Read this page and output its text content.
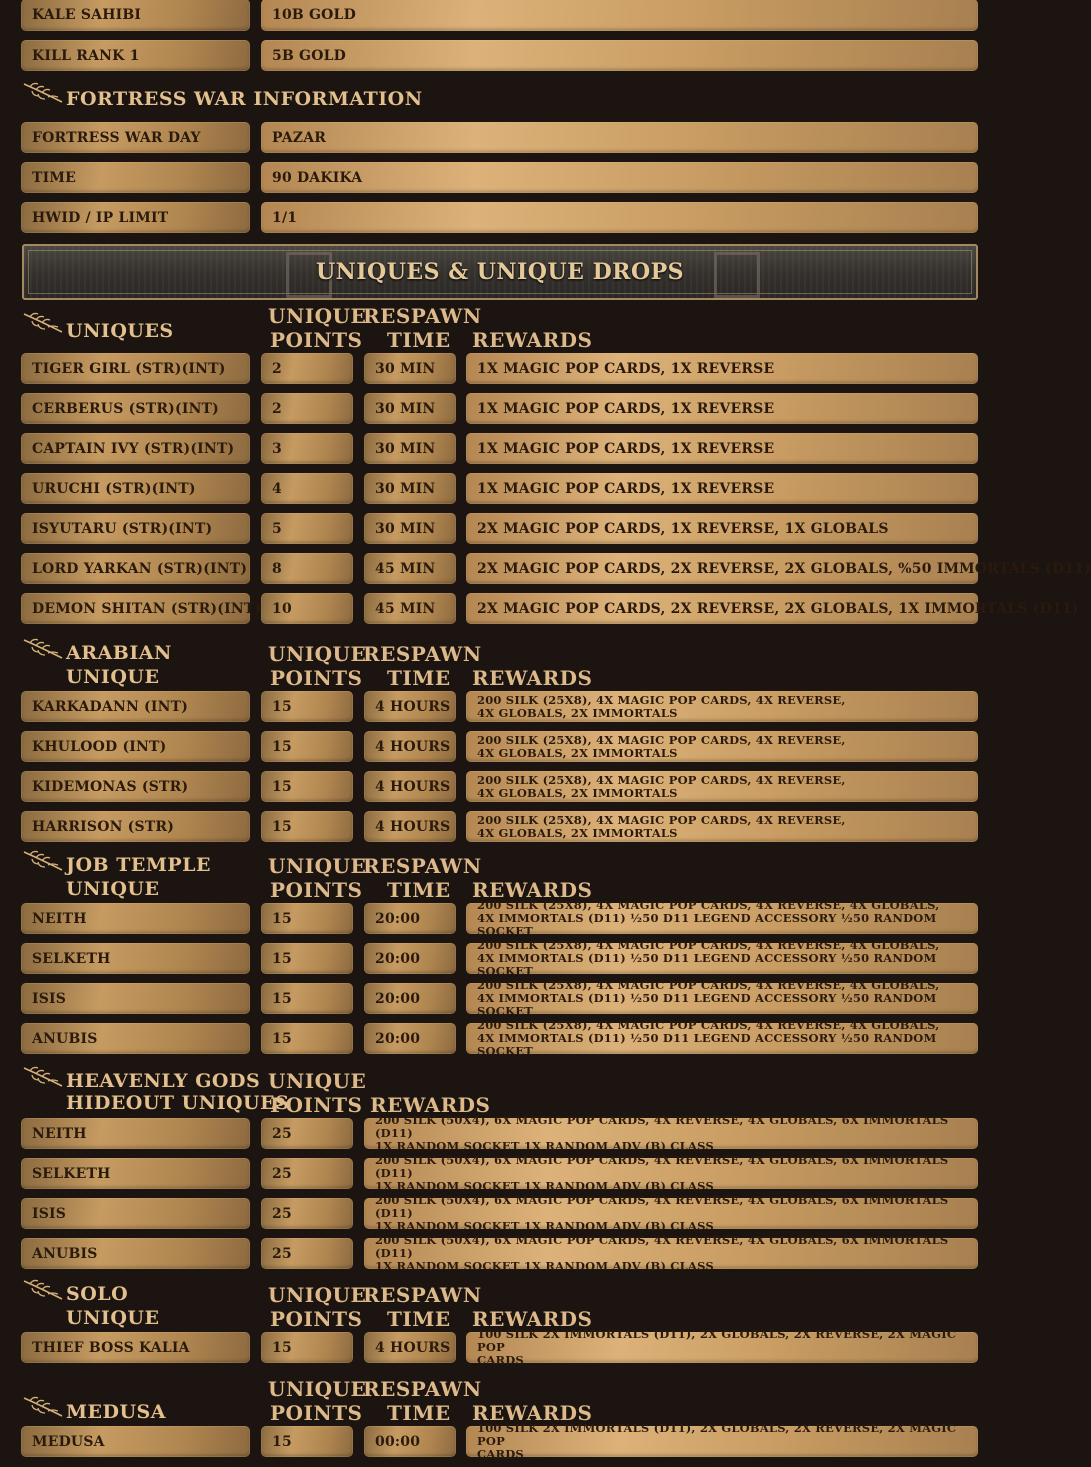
KALE SAHIBI	10B GOLD
KILL RANK 1	5B GOLD
FORTRESS WAR INFORMATION
FORTRESS WAR DAY	PAZAR
TIME	90 DAKIKA
HWID / IP LIMIT	1/1
UNIQUES & UNIQUE DROPS
UNIQUES
UNIQUE
POINTS
RESPAWN
TIME REWARDS
TIGER GIRL (STR)(INT)	2	30 MIN	1X MAGIC POP CARDS, 1X REVERSE
CERBERUS (STR)(INT)	2	30 MIN	1X MAGIC POP CARDS, 1X REVERSE
CAPTAIN IVY (STR)(INT)	3	30 MIN	1X MAGIC POP CARDS, 1X REVERSE
URUCHI (STR)(INT)	4	30 MIN	1X MAGIC POP CARDS, 1X REVERSE
ISYUTARU (STR)(INT)	5	30 MIN	2X MAGIC POP CARDS, 1X REVERSE, 1X GLOBALS
LORD YARKAN (STR)(INT)	8	45 MIN	2X MAGIC POP CARDS, 2X REVERSE, 2X GLOBALS, %50 IMMORTALS (D11)
DEMON SHITAN (STR)(INT) 10	45 MIN	2X MAGIC POP CARDS, 2X REVERSE, 2X GLOBALS, 1X IMMORTALS (D11)
ARABIAN
UNIQUE
UNIQUE
POINTS
RESPAWN
TIME REWARDS
KARKADANN (INT)	15	4 HOURS	200 SILK (25X8), 4X MAGIC POP CARDS, 4X REVERSE,
4X GLOBALS, 2X IMMORTALS
KHULOOD (INT)	15	4 HOURS	200 SILK (25X8), 4X MAGIC POP CARDS, 4X REVERSE,
4X GLOBALS, 2X IMMORTALS
KIDEMONAS (STR)	15	4 HOURS	200 SILK (25X8), 4X MAGIC POP CARDS, 4X REVERSE,
4X GLOBALS, 2X IMMORTALS
HARRISON (STR)	15	4 HOURS	200 SILK (25X8), 4X MAGIC POP CARDS, 4X REVERSE,
4X GLOBALS, 2X IMMORTALS
JOB TEMPLE
UNIQUE
UNIQUE
POINTS
RESPAWN
TIME REWARDS
NEITH	15	20:00
200 SILK (25X8), 4X MAGIC POP CARDS, 4X REVERSE, 4X GLOBALS,
4X IMMORTALS (D11) ½50 D11 LEGEND ACCESSORY ½50 RANDOM SOCKET
SELKETH	15	20:00
200 SILK (25X8), 4X MAGIC POP CARDS, 4X REVERSE, 4X GLOBALS,
4X IMMORTALS (D11) ½50 D11 LEGEND ACCESSORY ½50 RANDOM SOCKET
ISIS	15	20:00
200 SILK (25X8), 4X MAGIC POP CARDS, 4X REVERSE, 4X GLOBALS,
4X IMMORTALS (D11) ½50 D11 LEGEND ACCESSORY ½50 RANDOM SOCKET
ANUBIS	15	20:00
200 SILK (25X8), 4X MAGIC POP CARDS, 4X REVERSE, 4X GLOBALS,
4X IMMORTALS (D11) ½50 D11 LEGEND ACCESSORY ½50 RANDOM SOCKET
HEAVENLY GODS
HIDEOUT UNIQUES
UNIQUE
POINTS REWARDS
NEITH	25
200 SILK (50X4), 6X MAGIC POP CARDS, 4X REVERSE, 4X GLOBALS, 6X IMMORTALS (D11)
1X RANDOM SOCKET 1X RANDOM ADV (B) CLASS
SELKETH	25
200 SILK (50X4), 6X MAGIC POP CARDS, 4X REVERSE, 4X GLOBALS, 6X IMMORTALS (D11)
1X RANDOM SOCKET 1X RANDOM ADV (B) CLASS
ISIS	25
200 SILK (50X4), 6X MAGIC POP CARDS, 4X REVERSE, 4X GLOBALS, 6X IMMORTALS (D11)
1X RANDOM SOCKET 1X RANDOM ADV (B) CLASS
ANUBIS	25
200 SILK (50X4), 6X MAGIC POP CARDS, 4X REVERSE, 4X GLOBALS, 6X IMMORTALS (D11)
1X RANDOM SOCKET 1X RANDOM ADV (B) CLASS
SOLO
UNIQUE
UNIQUE
POINTS
RESPAWN
TIME REWARDS
THIEF BOSS KALIA	15	4 HOURS
100 SILK 2X IMMORTALS (D11), 2X GLOBALS, 2X REVERSE, 2X MAGIC POP
CARDS
MEDUSA
UNIQUE
POINTS
RESPAWN
TIME REWARDS
MEDUSA	15	00:00
100 SILK 2X IMMORTALS (D11), 2X GLOBALS, 2X REVERSE, 2X MAGIC POP
CARDS
